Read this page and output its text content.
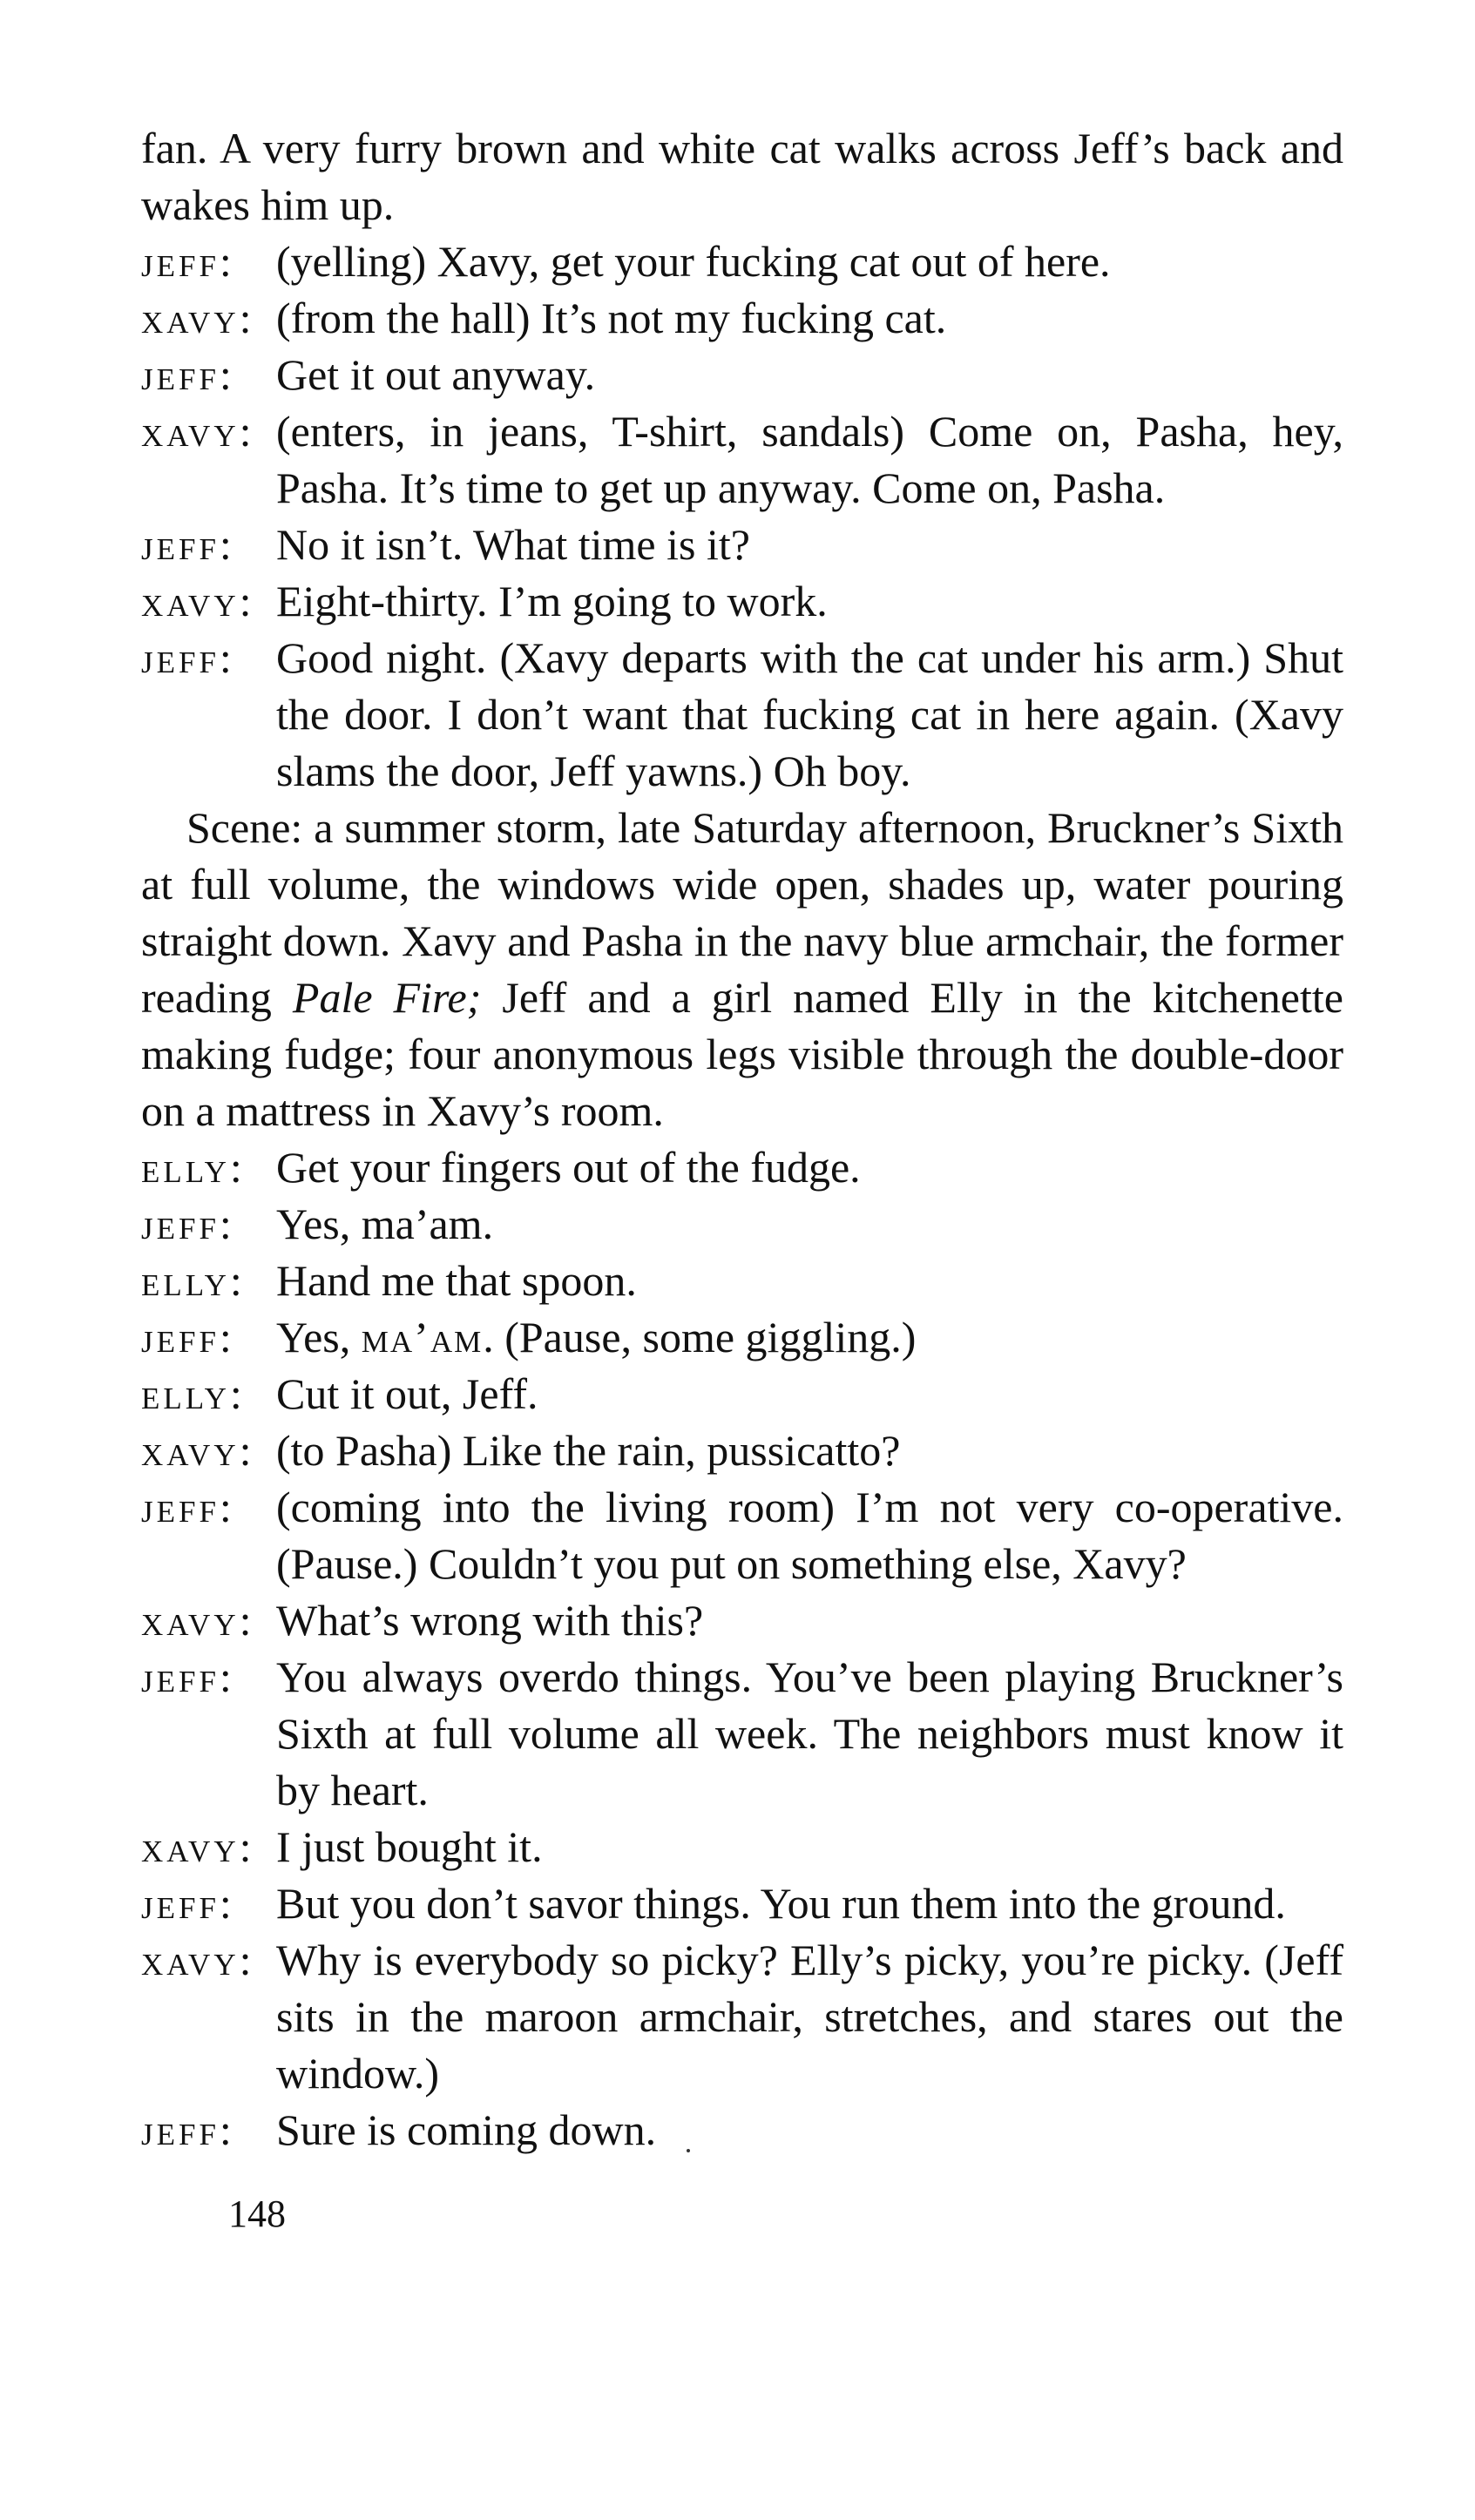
fan. A very furry brown and white cat walks across Jeff’s back and wakes him up.

jeff: (yelling) Xavy, get your fucking cat out of here.
xavy: (from the hall) It’s not my fucking cat.
jeff: Get it out anyway.
xavy: (enters, in jeans, T-shirt, sandals) Come on, Pasha, hey, Pasha. It’s time to get up anyway. Come on, Pasha.
jeff: No it isn’t. What time is it?
xavy: Eight-thirty. I’m going to work.
jeff: Good night. (Xavy departs with the cat under his arm.) Shut the door. I don’t want that fucking cat in here again. (Xavy slams the door, Jeff yawns.) Oh boy.

Scene: a summer storm, late Saturday afternoon, Bruckner’s Sixth at full volume, the windows wide open, shades up, water pouring straight down. Xavy and Pasha in the navy blue armchair, the former reading Pale Fire; Jeff and a girl named Elly in the kitchenette making fudge; four anonymous legs visible through the double-door on a mattress in Xavy’s room.

elly: Get your fingers out of the fudge.
jeff: Yes, ma’am.
elly: Hand me that spoon.
jeff: Yes, ma’am. (Pause, some giggling.)
elly: Cut it out, Jeff.
xavy: (to Pasha) Like the rain, pussicatto?
jeff: (coming into the living room) I’m not very co-operative. (Pause.) Couldn’t you put on something else, Xavy?
xavy: What’s wrong with this?
jeff: You always overdo things. You’ve been playing Bruckner’s Sixth at full volume all week. The neighbors must know it by heart.
xavy: I just bought it.
jeff: But you don’t savor things. You run them into the ground.
xavy: Why is everybody so picky? Elly’s picky, you’re picky. (Jeff sits in the maroon armchair, stretches, and stares out the window.)
jeff: Sure is coming down.
148
